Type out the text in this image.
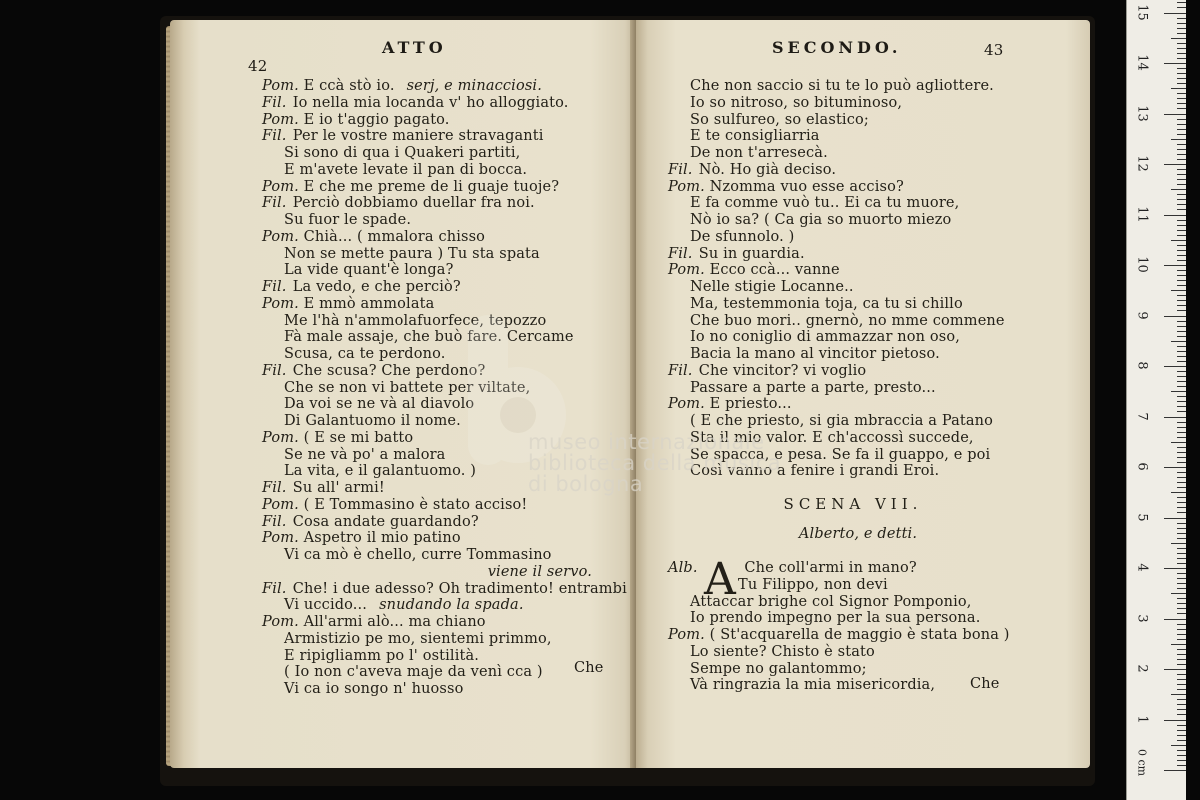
42
ATTO
Pom. E ccà stò io. serj, e minacciosi.
Fil. Io nella mia locanda v' ho alloggiato.
Pom. E io t'aggio pagato.
Fil. Per le vostre maniere stravaganti
Si sono di qua i Quakeri partiti,
E m'avete levate il pan di bocca.
Pom. E che me preme de li guaje tuoje?
Fil. Perciò dobbiamo duellar fra noi.
Su fuor le spade.
Pom. Chià... ( mmalora chisso
Non se mette paura ) Tu sta spata
La vide quant'è longa?
Fil. La vedo, e che perciò?
Pom. E mmò ammolata
Me l'hà n'ammolafuorfece, tepozzo
Fà male assaje, che buò fare. Cercame
Scusa, ca te perdono.
Fil. Che scusa? Che perdono?
Che se non vi battete per viltate,
Da voi se ne và al diavolo
Di Galantuomo il nome.
Pom. ( E se mi batto
Se ne và po' a malora
La vita, e il galantuomo. )
Fil. Su all' armi!
Pom. ( E Tommasino è stato acciso!
Fil. Cosa andate guardando?
Pom. Aspetro il mio patino
Vi ca mò è chello, curre Tommasino
viene il servo.
Fil. Che! i due adesso? Oh tradimento! entrambi
Vi uccido... snudando la spada.
Pom. All'armi alò... ma chiano
Armistizio pe mo, sientemi primmo,
E ripigliamm po l' ostilità.
( Io non c'aveva maje da venì cca )
Vi ca io songo n' huosso
Che
SECONDO.	43
Che non saccio si tu te lo può agliottere.
Io so nitroso, so bituminoso,
So sulfureo, so elastico;
E te consigliarria
De non t'arresecà.
Fil. Nò. Ho già deciso.
Pom. Nzomma vuo esse acciso?
E fa comme vuò tu.. Ei ca tu muore,
Nò io sa? ( Ca gia so muorto miezo
De sfunnolo. )
Fil. Su in guardia.
Pom. Ecco ccà... vanne
Nelle stigie Locanne..
Ma, testemmonia toja, ca tu si chillo
Che buo mori.. gnernò, no mme commene
Io no coniglio di ammazzar non oso,
Bacia la mano al vincitor pietoso.
Fil. Che vincitor? vi voglio
Passare a parte a parte, presto...
Pom. E priesto...
( E che priesto, si gia mbraccia a Patano
Sta il mio valor. E ch'accossì succede,
Se spacca, e pesa. Se fa il guappo, e poi
Così vanno a fenire i grandi Eroi.
SCENA VII.
Alberto, e detti.
A
Alb.	Che coll'armi in mano?
Tu Filippo, non devi
Attaccar brighe col Signor Pomponio,
Io prendo impegno per la sua persona.
Pom. ( St'acquarella de maggio è stata bona )
Lo siente? Chisto è stato
Sempe no galantommo;
Và ringrazia la mia misericordia,	Che
museo internazionale
biblioteca della musica
di bologna
0 cm
1
2
3
4
5
6
7
8
9
10
11
12
13
14
15
